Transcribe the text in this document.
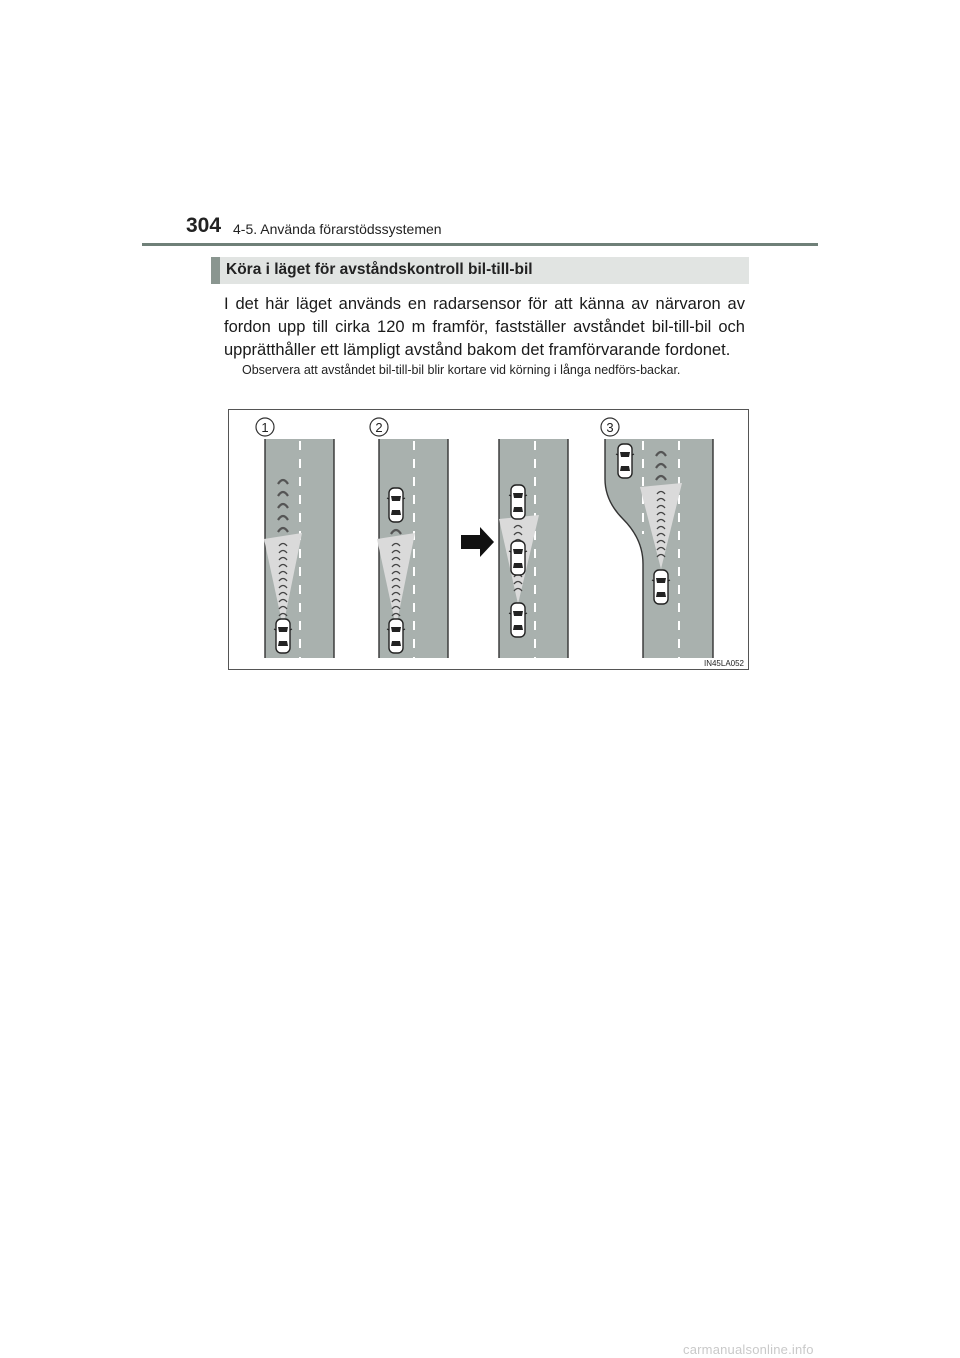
304 4-5. Använda förarstödssystemen
Köra i läget för avståndskontroll bil-till-bil
I det här läget används en radarsensor för att känna av närvaron av fordon upp till cirka 120 m framför, fastställer avståndet bil-till-bil och upprätthåller ett lämpligt avstånd bakom det framförvarande fordonet.
Observera att avståndet bil-till-bil blir kortare vid körning i långa nedförs-backar.
1	2	3
IN45LA052
carmanualsonline.info
